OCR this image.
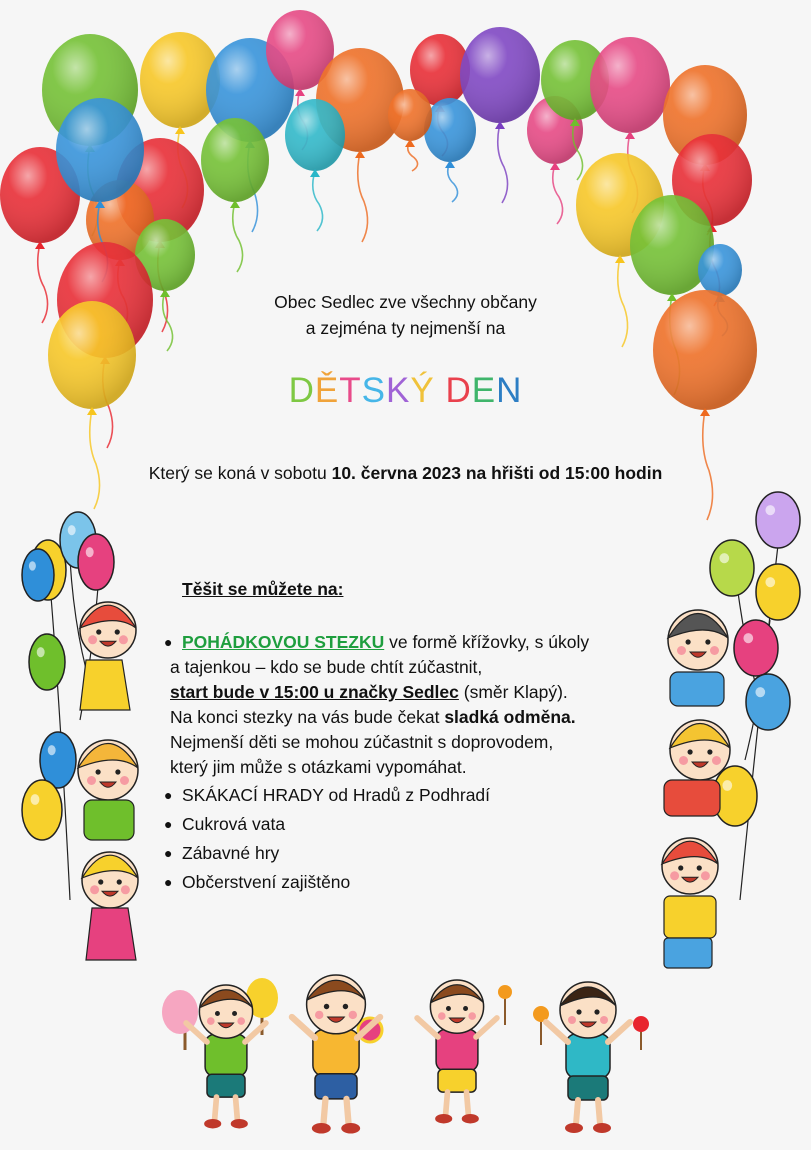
Obec Sedlec zve všechny občany
a zejména ty nejmenší na
DĚTSKÝ DEN
Který se koná v sobotu 10. června 2023 na hřišti od 15:00 hodin
Těšit se můžete na:
● POHÁDKOVOU STEZKU ve formě křížovky, s úkoly
a tajenkou – kdo se bude chtít zúčastnit,
start bude v 15:00 u značky Sedlec (směr Klapý).
Na konci stezky na vás bude čekat sladká odměna.
Nejmenší děti se mohou zúčastnit s doprovodem,
který jim může s otázkami vypomáhat.
● SKÁKACÍ HRADY od Hradů z Podhradí
● Cukrová vata
● Zábavné hry
● Občerstvení zajištěno
